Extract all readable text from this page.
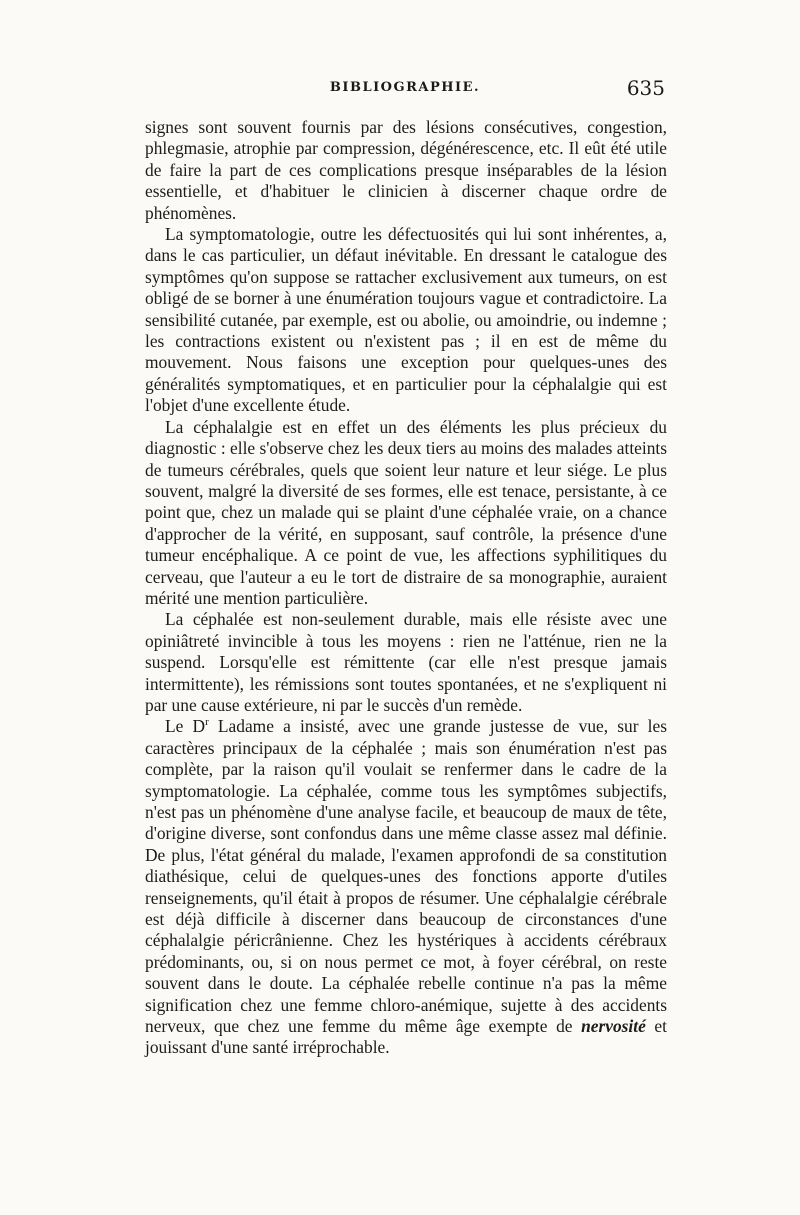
BIBLIOGRAPHIE.	635

signes sont souvent fournis par des lésions consécutives, congestion, phlegmasie, atrophie par compression, dégénérescence, etc. Il eût été utile de faire la part de ces complications presque inséparables de la lésion essentielle, et d'habituer le clinicien à discerner chaque ordre de phénomènes.

La symptomatologie, outre les défectuosités qui lui sont inhérentes, a, dans le cas particulier, un défaut inévitable. En dressant le catalogue des symptômes qu'on suppose se rattacher exclusivement aux tumeurs, on est obligé de se borner à une énumération toujours vague et contradictoire. La sensibilité cutanée, par exemple, est ou abolie, ou amoindrie, ou indemne ; les contractions existent ou n'existent pas ; il en est de même du mouvement. Nous faisons une exception pour quelques-unes des généralités symptomatiques, et en particulier pour la céphalalgie qui est l'objet d'une excellente étude.

La céphalalgie est en effet un des éléments les plus précieux du diagnostic : elle s'observe chez les deux tiers au moins des malades atteints de tumeurs cérébrales, quels que soient leur nature et leur siége. Le plus souvent, malgré la diversité de ses formes, elle est tenace, persistante, à ce point que, chez un malade qui se plaint d'une céphalée vraie, on a chance d'approcher de la vérité, en supposant, sauf contrôle, la présence d'une tumeur encéphalique. A ce point de vue, les affections syphilitiques du cerveau, que l'auteur a eu le tort de distraire de sa monographie, auraient mérité une mention particulière.

La céphalée est non-seulement durable, mais elle résiste avec une opiniâtreté invincible à tous les moyens : rien ne l'atténue, rien ne la suspend. Lorsqu'elle est rémittente (car elle n'est presque jamais intermittente), les rémissions sont toutes spontanées, et ne s'expliquent ni par une cause extérieure, ni par le succès d'un remède.

Le $D^r$ Ladame a insisté, avec une grande justesse de vue, sur les caractères principaux de la céphalée ; mais son énumération n'est pas complète, par la raison qu'il voulait se renfermer dans le cadre de la symptomatologie. La céphalée, comme tous les symptômes subjectifs, n'est pas un phénomène d'une analyse facile, et beaucoup de maux de tête, d'origine diverse, sont confondus dans une même classe assez mal définie. De plus, l'état général du malade, l'examen approfondi de sa constitution diathésique, celui de quelques-unes des fonctions apporte d'utiles renseignements, qu'il était à propos de résumer. Une céphalalgie cérébrale est déjà difficile à discerner dans beaucoup de circonstances d'une céphalalgie péricrânienne. Chez les hystériques à accidents cérébraux prédominants, ou, si on nous permet ce mot, à foyer cérébral, on reste souvent dans le doute. La céphalée rebelle continue n'a pas la même signification chez une femme chloro-anémique, sujette à des accidents nerveux, que chez une femme du même âge exempte de nervosité et jouissant d'une santé irréprochable.
